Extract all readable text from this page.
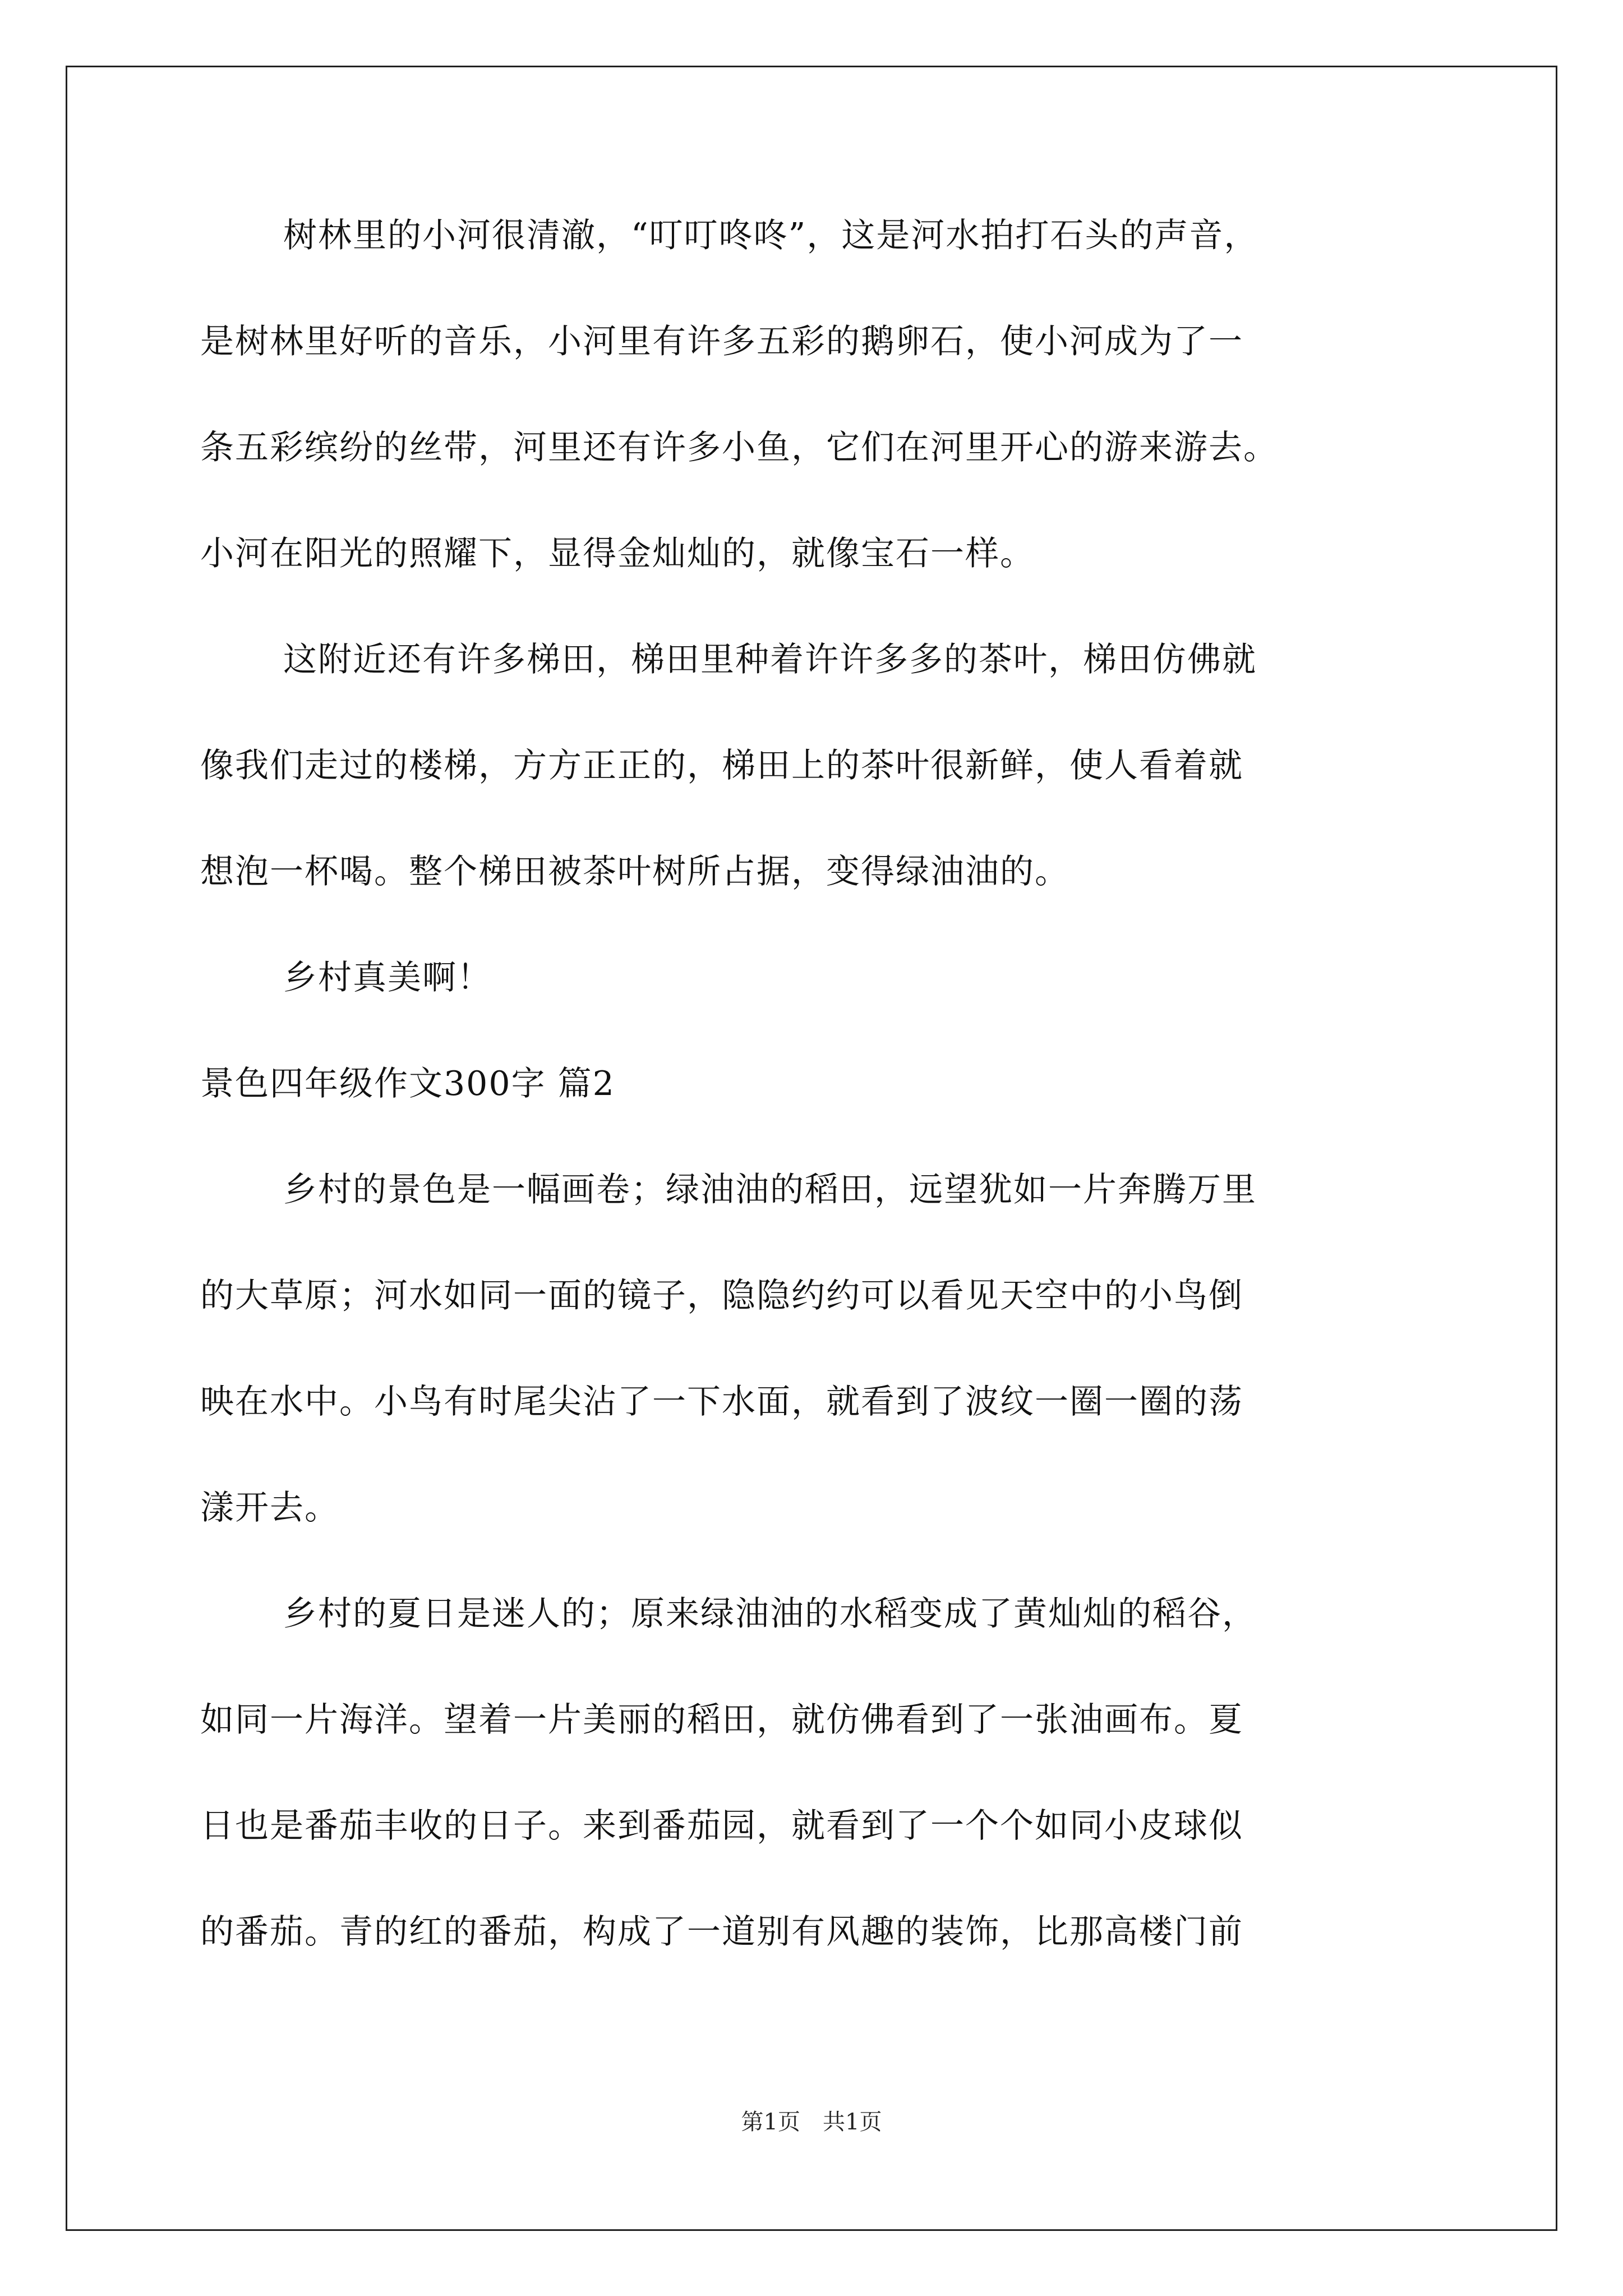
树林里的小河很清澈，“叮叮咚咚”，这是河水拍打石头的声音，
是树林里好听的音乐，小河里有许多五彩的鹅卵石，使小河成为了一
条五彩缤纷的丝带，河里还有许多小鱼，它们在河里开心的游来游去。
小河在阳光的照耀下，显得金灿灿的，就像宝石一样。
这附近还有许多梯田，梯田里种着许许多多的茶叶，梯田仿佛就
像我们走过的楼梯，方方正正的，梯田上的茶叶很新鲜，使人看着就
想泡一杯喝。整个梯田被茶叶树所占据，变得绿油油的。
乡村真美啊！
景色四年级作文300字 篇2
乡村的景色是一幅画卷；绿油油的稻田，远望犹如一片奔腾万里
的大草原；河水如同一面的镜子，隐隐约约可以看见天空中的小鸟倒
映在水中。小鸟有时尾尖沾了一下水面，就看到了波纹一圈一圈的荡
漾开去。
乡村的夏日是迷人的；原来绿油油的水稻变成了黄灿灿的稻谷，
如同一片海洋。望着一片美丽的稻田，就仿佛看到了一张油画布。夏
日也是番茄丰收的日子。来到番茄园，就看到了一个个如同小皮球似
的番茄。青的红的番茄，构成了一道别有风趣的装饰，比那高楼门前
第1页 共1页
